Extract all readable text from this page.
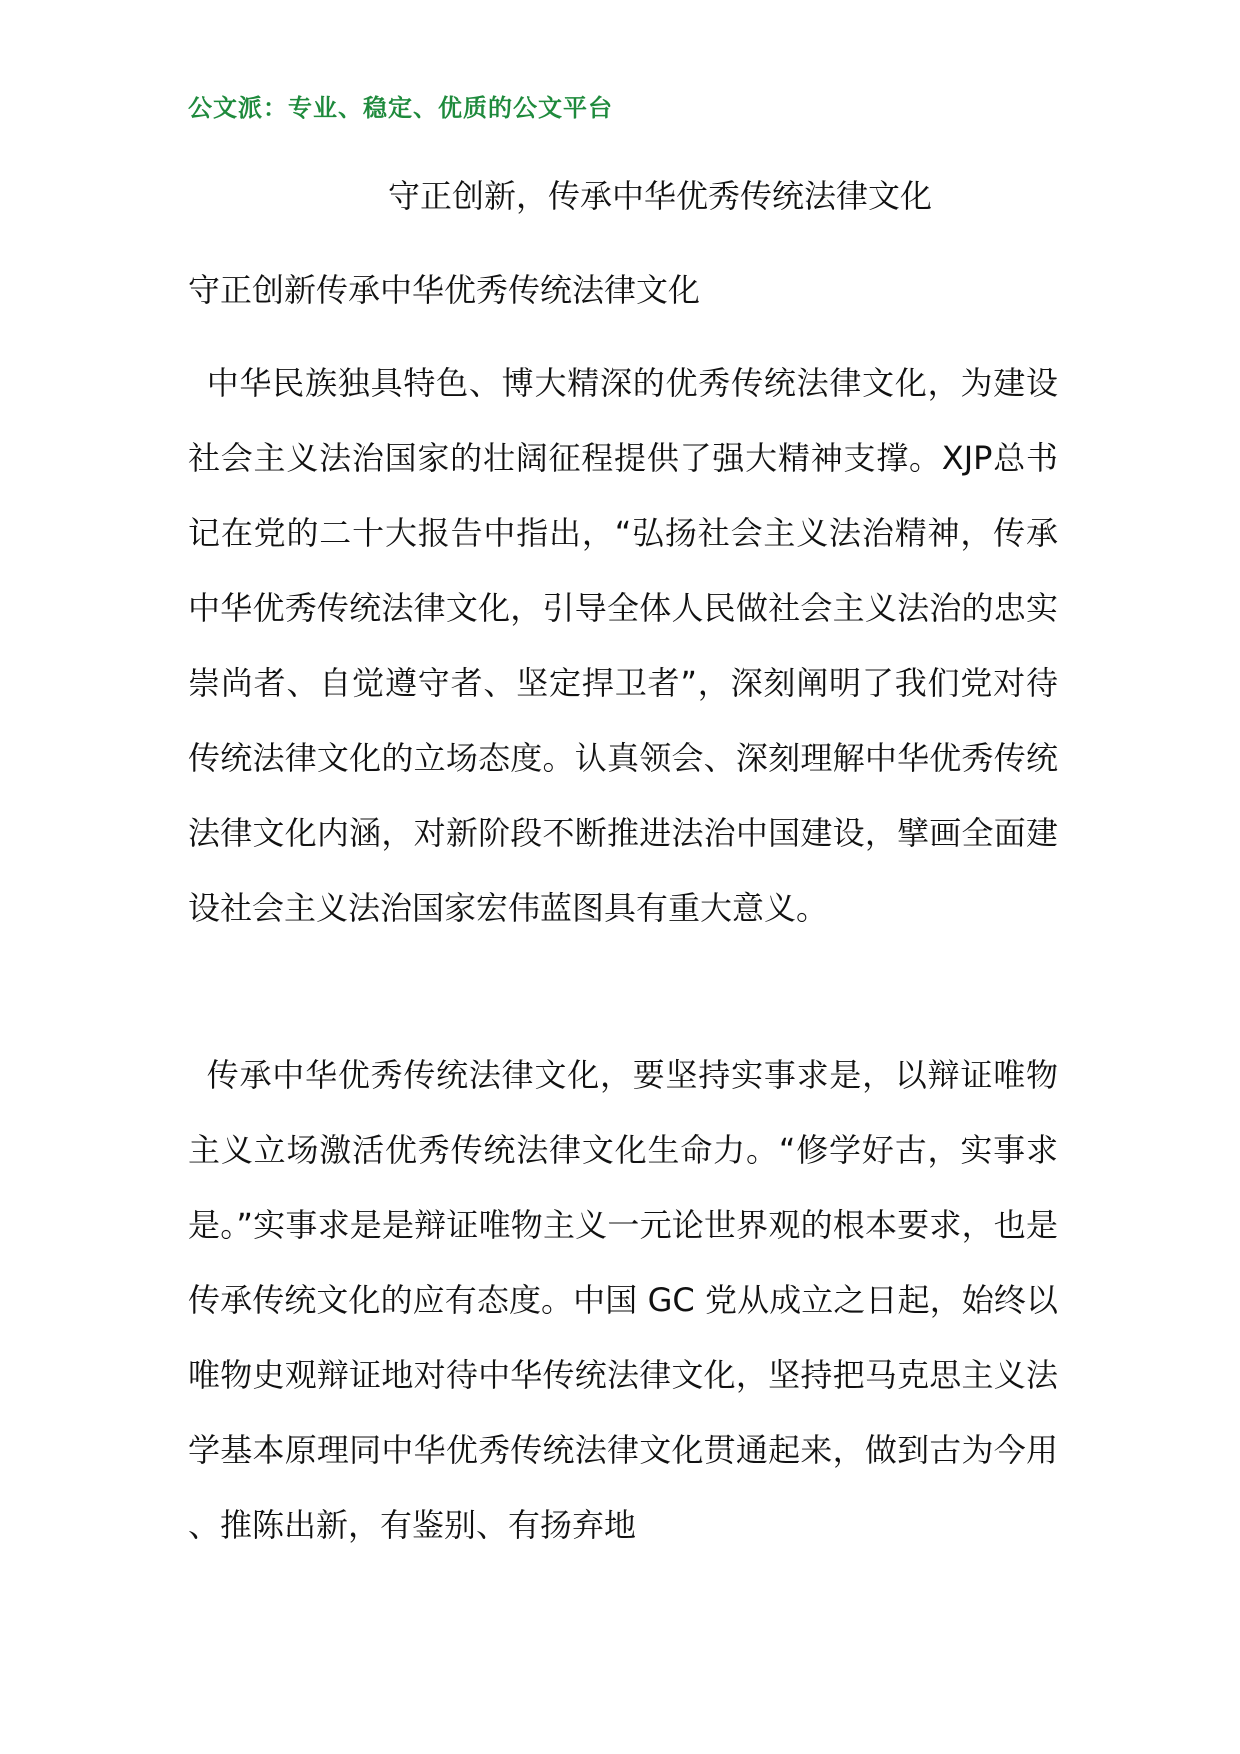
公文派：专业、稳定、优质的公文平台
守正创新，传承中华优秀传统法律文化
守正创新传承中华优秀传统法律文化

中华民族独具特色、博大精深的优秀传统法律文化，为建设社会主义法治国家的壮阔征程提供了强大精神支撑。XJP总书记在党的二十大报告中指出，“弘扬社会主义法治精神，传承中华优秀传统法律文化，引导全体人民做社会主义法治的忠实崇尚者、自觉遵守者、坚定捍卫者”，深刻阐明了我们党对待传统法律文化的立场态度。认真领会、深刻理解中华优秀传统法律文化内涵，对新阶段不断推进法治中国建设，擘画全面建设社会主义法治国家宏伟蓝图具有重大意义。

传承中华优秀传统法律文化，要坚持实事求是，以辩证唯物主义立场激活优秀传统法律文化生命力。“修学好古，实事求是。”实事求是是辩证唯物主义一元论世界观的根本要求，也是传承传统文化的应有态度。中国 GC 党从成立之日起，始终以唯物史观辩证地对待中华传统法律文化，坚持把马克思主义法学基本原理同中华优秀传统法律文化贯通起来，做到古为今用、推陈出新，有鉴别、有扬弃地
